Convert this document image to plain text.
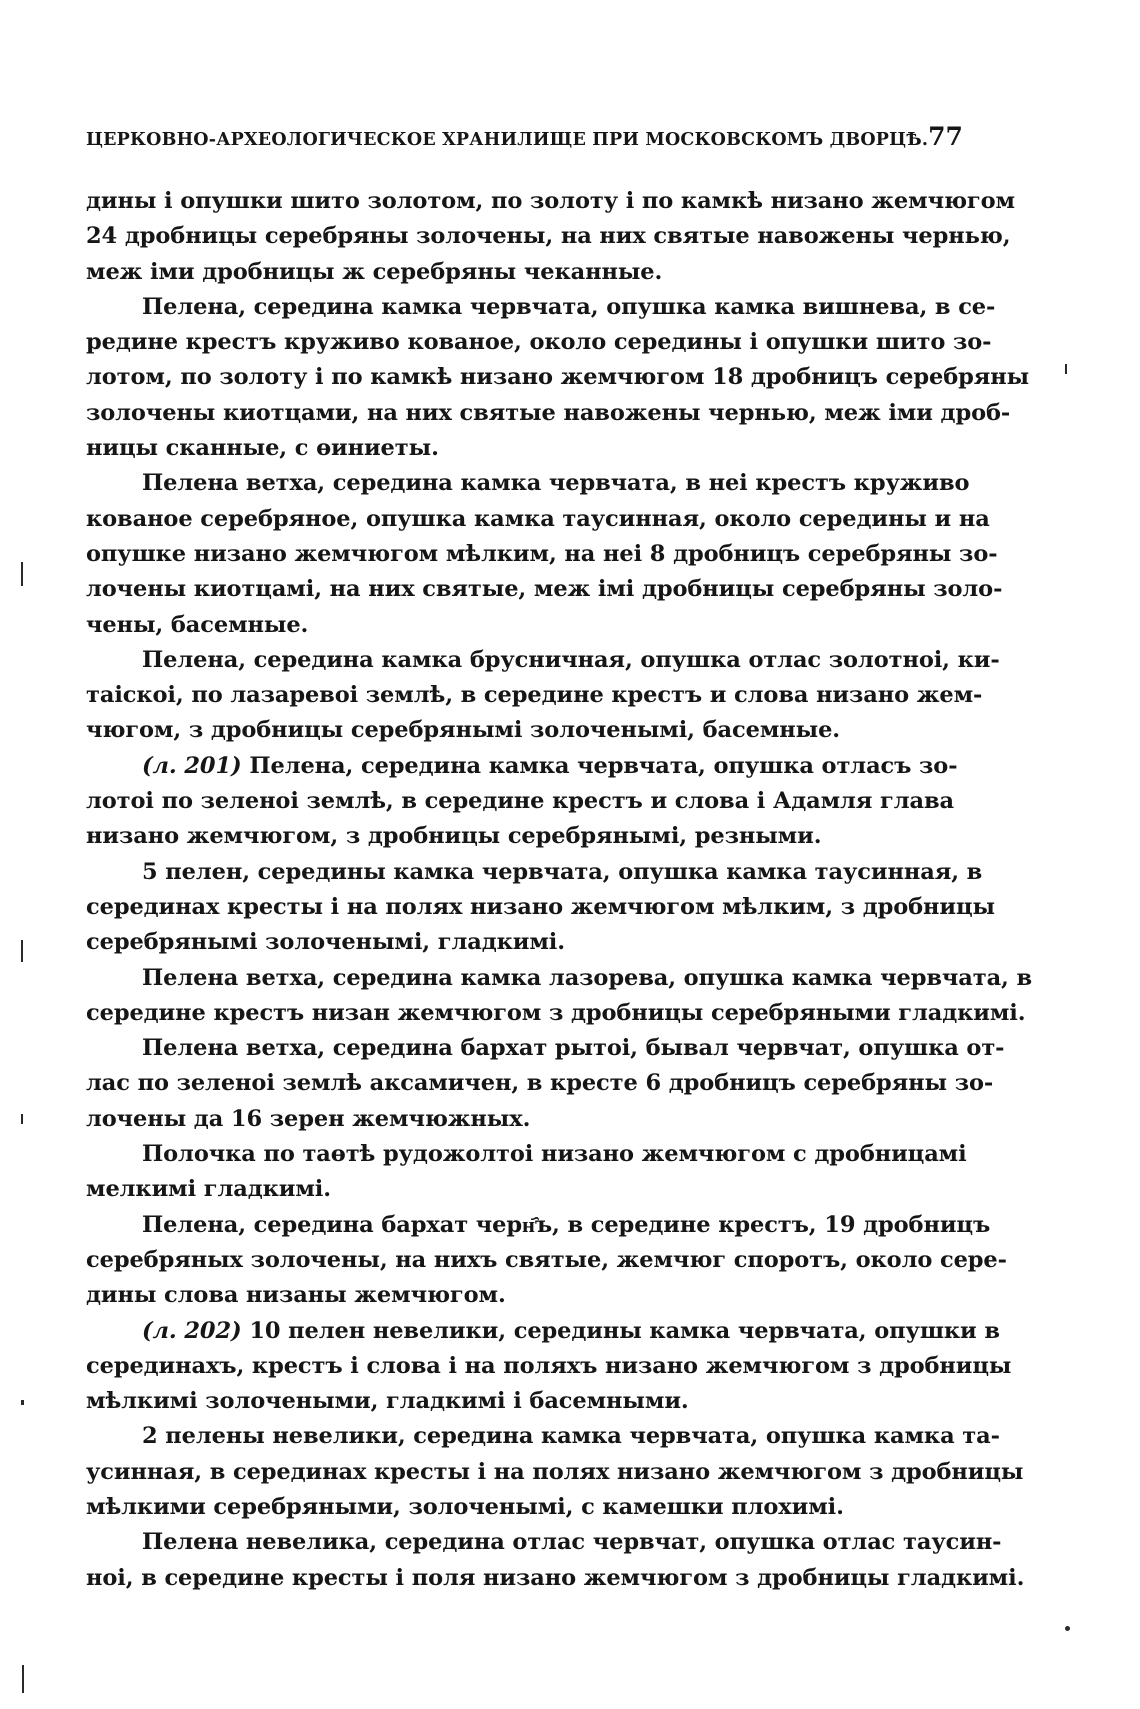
ЦЕРКОВНО-АРХЕОЛОГИЧЕСКОЕ ХРАНИЛИЩЕ ПРИ МОСКОВСКОМЪ ДВОРЦѢ. 77
дины і опушки шито золотом, по золоту і по камкѣ низано жемчюгом
24 дробницы серебряны золочены, на них святые навожены чернью,
меж іми дробницы ж серебряны чеканные.
Пелена, середина камка червчата, опушка камка вишнева, в се-
редине крестъ круживо кованое, около середины і опушки шито зо-
лотом, по золоту і по камкѣ низано жемчюгом 18 дробницъ серебряны
золочены киотцами, на них святые навожены чернью, меж іми дроб-
ницы сканные, с өиниеты.
Пелена ветха, середина камка червчата, в неі крестъ круживо
кованое серебряное, опушка камка таусинная, около середины и на
опушке низано жемчюгом мѣлким, на неі 8 дробницъ серебряны зо-
лочены киотцамі, на них святые, меж імі дробницы серебряны золо-
чены, басемные.
Пелена, середина камка брусничная, опушка отлас золотноі, ки-
таіскоі, по лазаревоі землѣ, в середине крестъ и слова низано жем-
чюгом, з дробницы серебрянымі золоченымі, басемные.
(л. 201) Пелена, середина камка червчата, опушка отласъ зо-
лотоі по зеленоі землѣ, в середине крестъ и слова і Адамля глава
низано жемчюгом, з дробницы серебрянымі, резными.
5 пелен, середины камка червчата, опушка камка таусинная, в
серединах кресты і на полях низано жемчюгом мѣлким, з дробницы
серебрянымі золоченымі, гладкимі.
Пелена ветха, середина камка лазорева, опушка камка червчата, в
середине крестъ низан жемчюгом з дробницы серебряными гладкимі.
Пелена ветха, середина бархат рытоі, бывал червчат, опушка от-
лас по зеленоі землѣ аксамичен, в кресте 6 дробницъ серебряны зо-
лочены да 16 зерен жемчюжных.
Полочка по таөтѣ рудожолтоі низано жемчюгом с дробницамі
мелкимі гладкимі.
Пелена, середина бархат черн҄ъ, в середине крестъ, 19 дробницъ
серебряных золочены, на нихъ святые, жемчюг споротъ, около сере-
дины слова низаны жемчюгом.
(л. 202) 10 пелен невелики, середины камка червчата, опушки в
серединахъ, крестъ і слова і на поляхъ низано жемчюгом з дробницы
мѣлкимі золочеными, гладкимі і басемными.
2 пелены невелики, середина камка червчата, опушка камка та-
усинная, в серединах кресты і на полях низано жемчюгом з дробницы
мѣлкими серебряными, золоченымі, с камешки плохимі.
Пелена невелика, середина отлас червчат, опушка отлас таусин-
ноі, в середине кресты і поля низано жемчюгом з дробницы гладкимі.
